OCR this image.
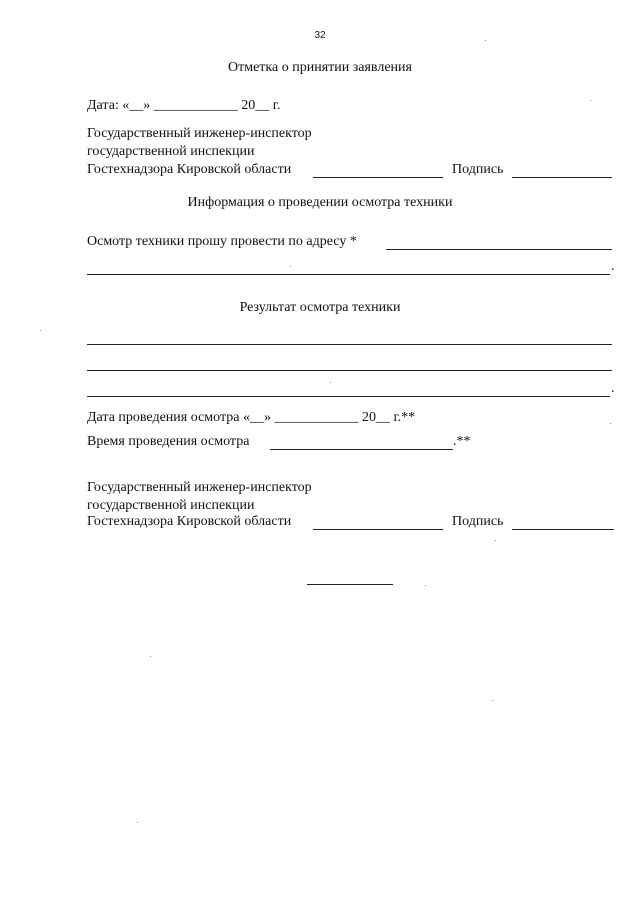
32
Отметка о принятии заявления
Дата: «__» ____________ 20__ г.
Государственный инженер-инспектор
государственной инспекции
Гостехнадзора Кировской области	Подпись
Информация о проведении осмотра техники
Осмотр техники прошу провести по адресу *
.
Результат осмотра техники
.
Дата проведения осмотра «__» ____________ 20__ г.**
Время проведения осмотра	.**
Государственный инженер-инспектор
государственной инспекции
Гостехнадзора Кировской области	Подпись
